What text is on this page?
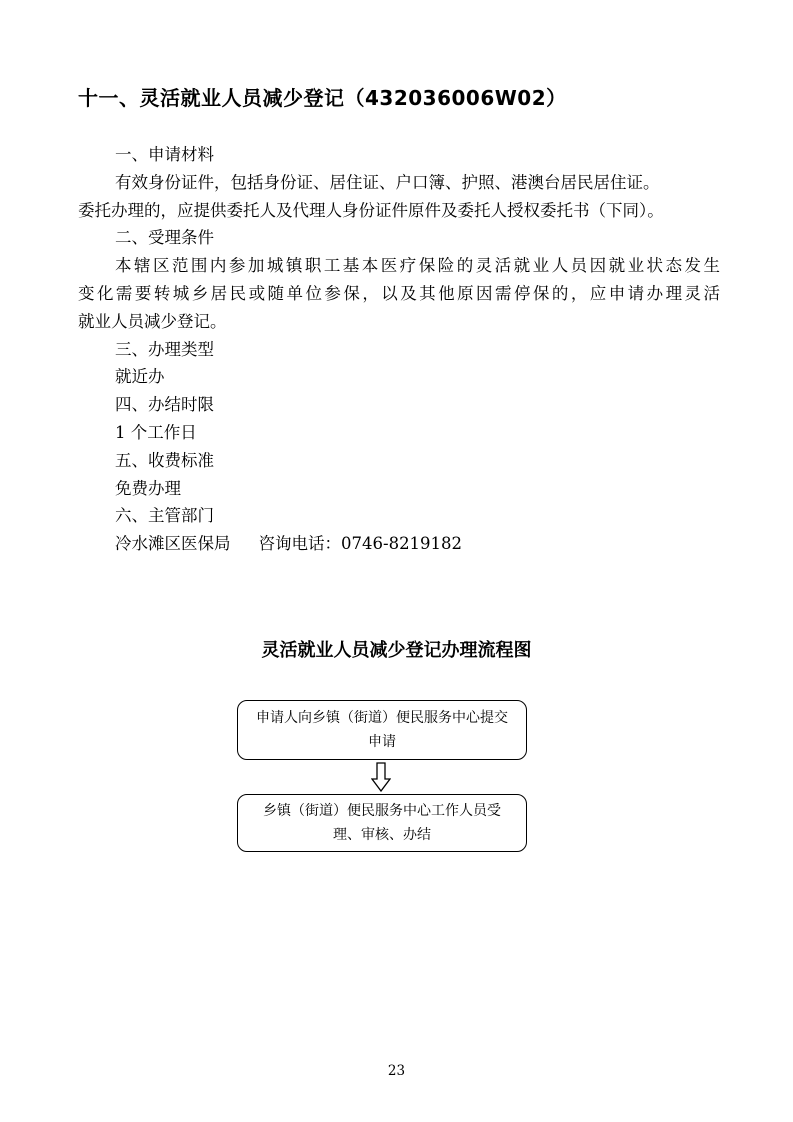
十一、灵活就业人员减少登记（432036006W02）

一、申请材料

有效身份证件，包括身份证、居住证、户口簿、护照、港澳台居民居住证。

委托办理的，应提供委托人及代理人身份证件原件及委托人授权委托书（下同）。

二、受理条件

本辖区范围内参加城镇职工基本医疗保险的灵活就业人员因就业状态发生

变化需要转城乡居民或随单位参保，以及其他原因需停保的，应申请办理灵活

就业人员减少登记。

三、办理类型

就近办

四、办结时限

1 个工作日

五、收费标准

免费办理

六、主管部门

冷水滩区医保局 咨询电话：0746-8219182

灵活就业人员减少登记办理流程图
申请人向乡镇（街道）便民服务中心提交申请
乡镇（街道）便民服务中心工作人员受理、审核、办结
23
